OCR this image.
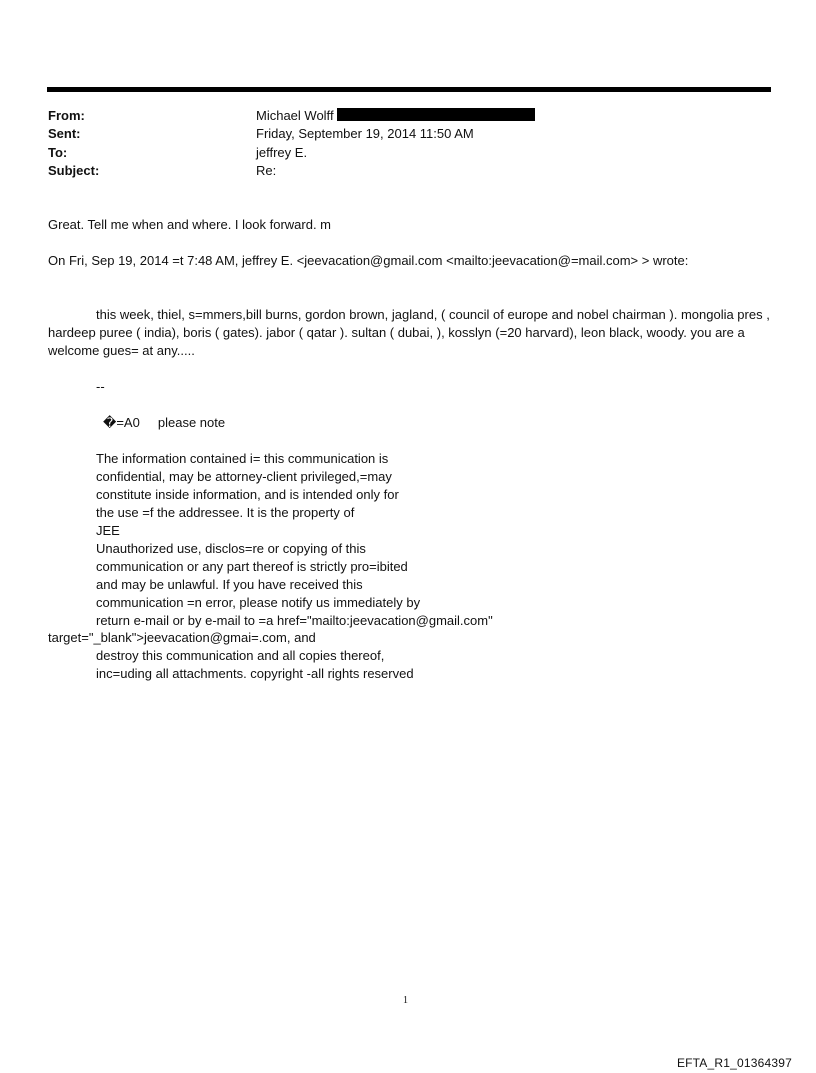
From:	Michael Wolff
Sent:	Friday, September 19, 2014 11:50 AM
To:	jeffrey E.
Subject:	Re:
Great. Tell me when and where. I look forward. m
On Fri, Sep 19, 2014 =t 7:48 AM, jeffrey E. <jeevacation@gmail.com <mailto:jeevacation@=mail.com> > wrote:
this week, thiel, s=mmers,bill burns, gordon brown, jagland, ( council of europe and nobel chairman ). mongolia pres , hardeep puree ( india), boris ( gates). jabor ( qatar ). sultan ( dubai, ), kosslyn (=20 harvard), leon black, woody. you are a welcome gues= at any.....
--
�=A0     please note
The information contained i= this communication is
confidential, may be attorney-client privileged,=may
constitute inside information, and is intended only for
the use =f the addressee. It is the property of
JEE
Unauthorized use, disclos=re or copying of this
communication or any part thereof is strictly pro=ibited
and may be unlawful. If you have received this
communication =n error, please notify us immediately by
return e-mail or by e-mail to =a href="mailto:jeevacation@gmail.com"
target="_blank">jeevacation@gmai=.com, and
destroy this communication and all copies thereof,
inc=uding all attachments. copyright -all rights reserved
1
EFTA_R1_01364397
